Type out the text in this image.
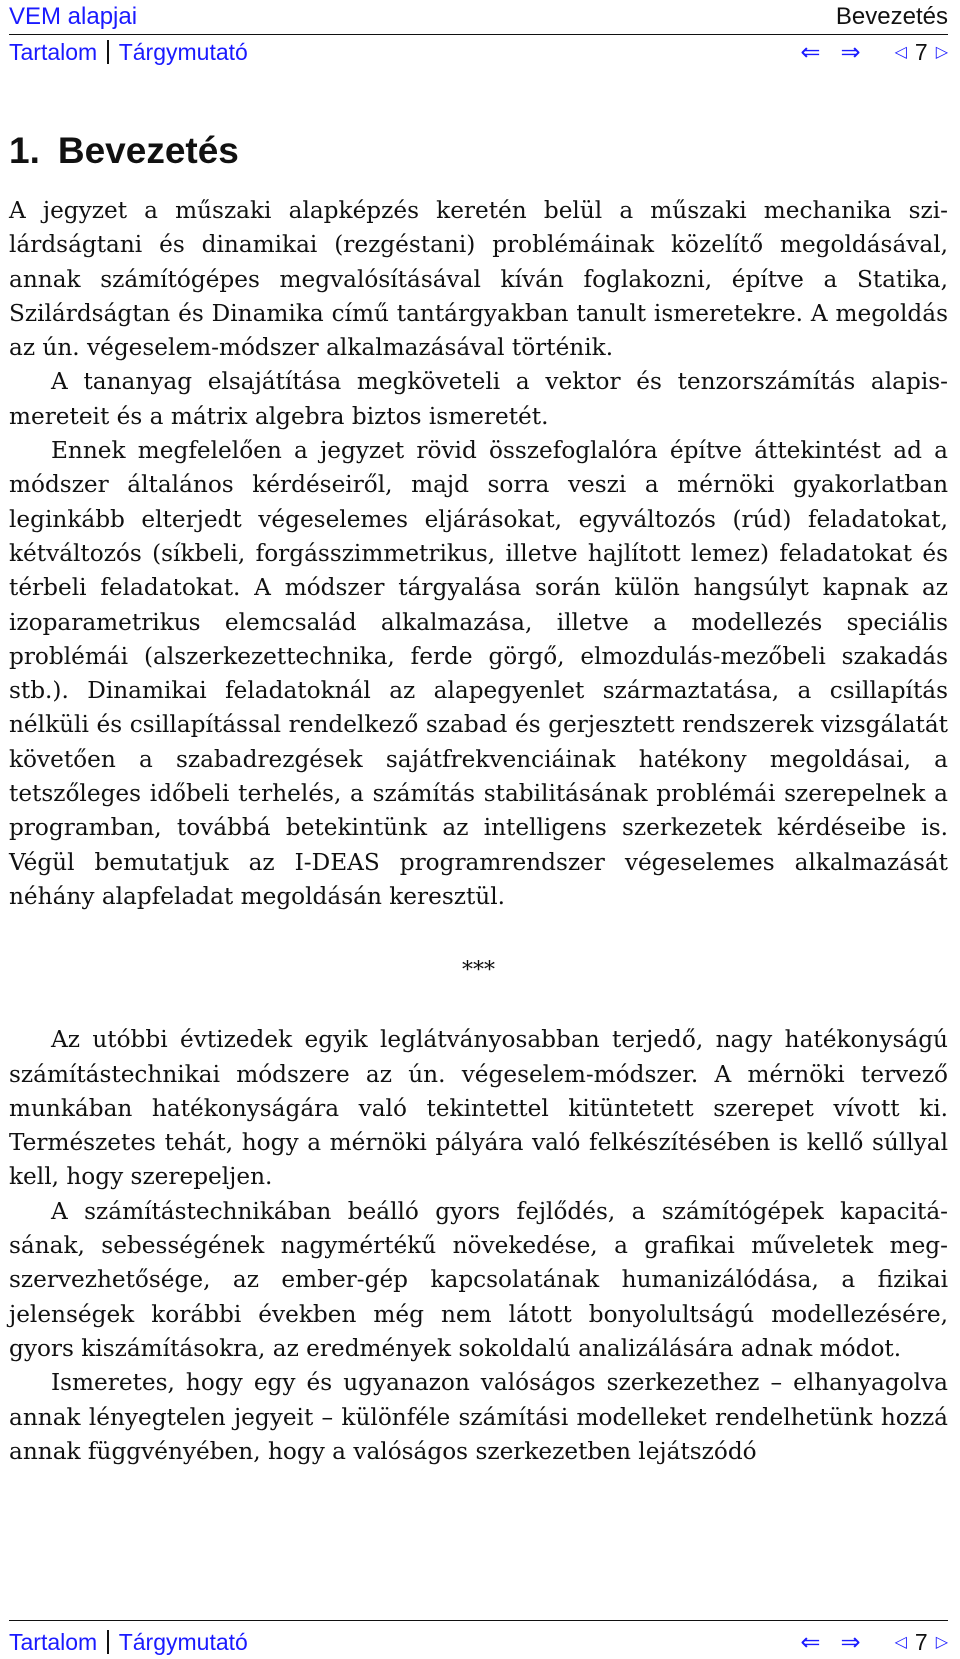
VEM alapjai	Bevezetés
Tartalom Tárgymutató	⇐ ⇒	◁ 7 ▷
1. Bevezetés

A jegyzet a műszaki alapképzés keretén belül a műszaki mechanika szilárdságtani és dinamikai (rezgéstani) problémáinak közelítő megoldásával, annak számítógépes megvalósításával kíván foglakozni, építve a Statika, Szilárdságtan és Dinamika című tantárgyakban tanult ismeretekre. A megoldás az ún. végeselem-módszer alkalmazásával történik.

A tananyag elsajátítása megköveteli a vektor és tenzorszámítás alapismereteit és a mátrix algebra biztos ismeretét.

Ennek megfelelően a jegyzet rövid összefoglalóra építve áttekintést ad a módszer általános kérdéseiről, majd sorra veszi a mérnöki gyakorlatban leginkább elterjedt végeselemes eljárásokat, egyváltozós (rúd) feladatokat, kétváltozós (síkbeli, forgásszimmetrikus, illetve hajlított lemez) feladatokat és térbeli feladatokat. A módszer tárgyalása során külön hangsúlyt kapnak az izoparametrikus elemcsalád alkalmazása, illetve a modellezés speciális problémái (alszerkezettechnika, ferde görgő, elmozdulás-mezőbeli szakadás stb.). Dinamikai feladatoknál az alapegyenlet származtatása, a csillapítás nélküli és csillapítással rendelkező szabad és gerjesztett rendszerek vizsgálatát követően a szabadrezgések sajátfrekvenciáinak hatékony megoldásai, a tetszőleges időbeli terhelés, a számítás stabilitásának problémái szerepelnek a programban, továbbá betekintünk az intelligens szerkezetek kérdéseibe is. Végül bemutatjuk az I-DEAS programrendszer végeselemes alkalmazását néhány alapfeladat megoldásán keresztül.

***

Az utóbbi évtizedek egyik leglátványosabban terjedő, nagy hatékonyságú számítástechnikai módszere az ún. végeselem-módszer. A mérnöki tervező munkában hatékonyságára való tekintettel kitüntetett szerepet vívott ki. Természetes tehát, hogy a mérnöki pályára való felkészítésében is kellő súllyal kell, hogy szerepeljen.

A számítástechnikában beálló gyors fejlődés, a számítógépek kapacitásának, sebességének nagymértékű növekedése, a grafikai műveletek megszervezhetősége, az ember-gép kapcsolatának humanizálódása, a fizikai jelenségek korábbi években még nem látott bonyolultságú modellezésére, gyors kiszámításokra, az eredmények sokoldalú analizálására adnak módot.

Ismeretes, hogy egy és ugyanazon valóságos szerkezethez – elhanyagolva annak lényegtelen jegyeit – különféle számítási modelleket rendelhetünk hozzá annak függvényében, hogy a valóságos szerkezetben lejátszódó

Tartalom Tárgymutató	⇐ ⇒	◁ 7 ▷
